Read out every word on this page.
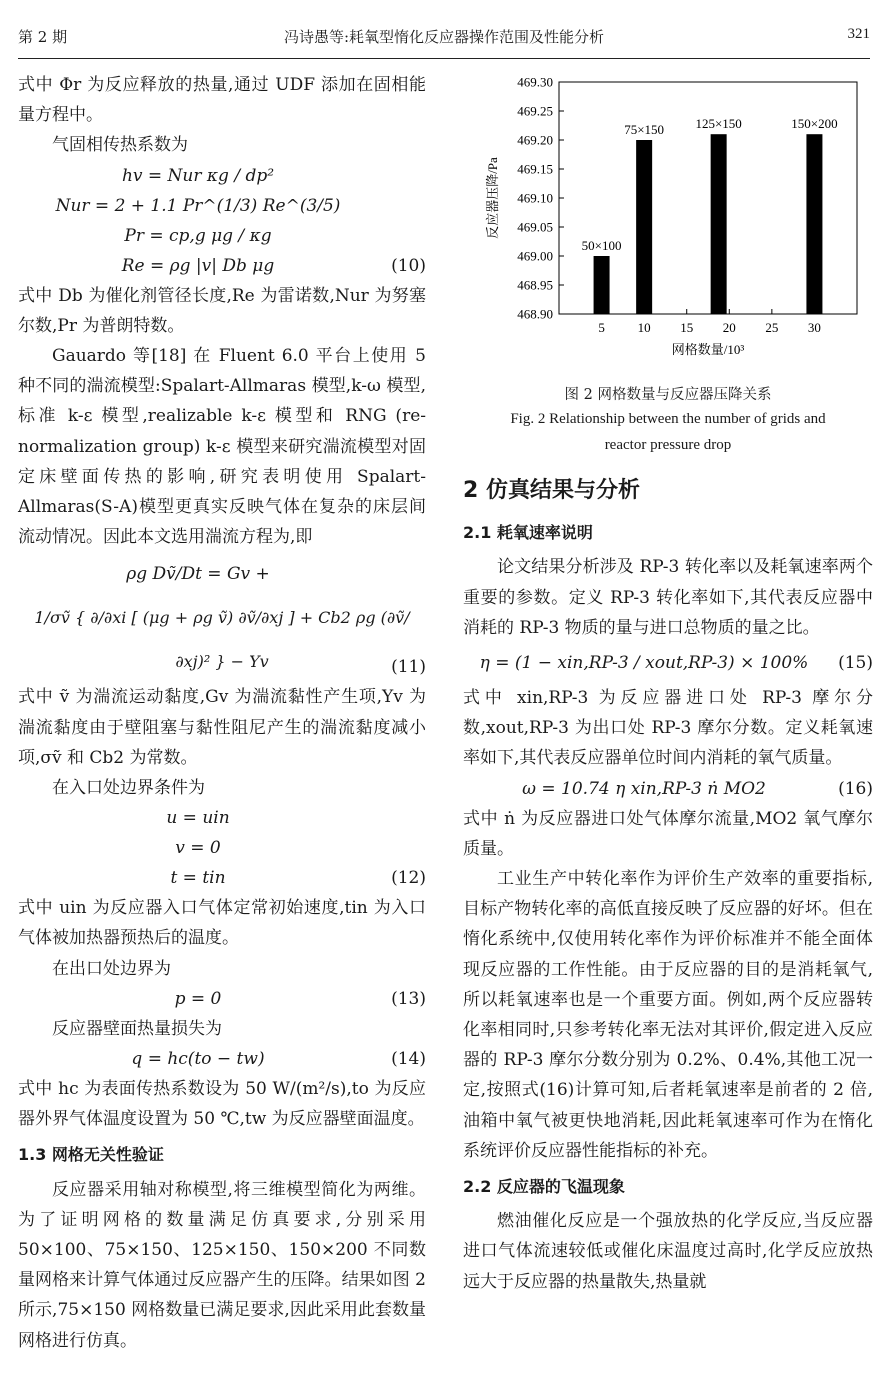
第 2 期	冯诗愚等:耗氧型惰化反应器操作范围及性能分析	321

式中 Φr 为反应释放的热量,通过 UDF 添加在固相能量方程中。

气固相传热系数为

hv = Nur κg / dp²
Nur = 2 + 1.1 Pr^(1/3) Re^(3/5)
Pr = cp,g μg / κg
Re = ρg |v| Db μg	(10)

式中 Db 为催化剂管径长度,Re 为雷诺数,Nur 为努塞尔数,Pr 为普朗特数。

Gauardo 等[18] 在 Fluent 6.0 平台上使用 5 种不同的湍流模型:Spalart-Allmaras 模型,k-ω 模型,标准 k-ε 模型,realizable k-ε 模型和 RNG (re-normalization group) k-ε 模型来研究湍流模型对固定床壁面传热的影响,研究表明使用 Spalart-Allmaras(S-A)模型更真实反映气体在复杂的床层间流动情况。因此本文选用湍流方程为,即

ρg Dṽ/Dt = Gv +
1/σṽ { ∂/∂xi [ (μg + ρg ṽ) ∂ṽ/∂xj ] + Cb2 ρg (∂ṽ/∂xj)² } − Yv	(11)

式中 ṽ 为湍流运动黏度,Gv 为湍流黏性产生项,Yv 为湍流黏度由于壁阻塞与黏性阻尼产生的湍流黏度减小项,σṽ 和 Cb2 为常数。

在入口处边界条件为

u = uin
v = 0
t = tin	(12)

式中 uin 为反应器入口气体定常初始速度,tin 为入口气体被加热器预热后的温度。

在出口处边界为

p = 0	(13)

反应器壁面热量损失为

q = hc(to − tw)	(14)

式中 hc 为表面传热系数设为 50 W/(m²/s),to 为反应器外界气体温度设置为 50 ℃,tw 为反应器壁面温度。

1.3 网格无关性验证

反应器采用轴对称模型,将三维模型简化为两维。为了证明网格的数量满足仿真要求,分别采用 50×100、75×150、125×150、150×200 不同数量网格来计算气体通过反应器产生的压降。结果如图 2 所示,75×150 网格数量已满足要求,因此采用此套数量网格进行仿真。

468.90
468.95
469.00
469.05
469.10
469.15
469.20
469.25
469.30
5	10 15 20 25 30
50×100
75×150 125×150	150×200
网格数量/10³
反应器压降/Pa
图 2 网格数量与反应器压降关系
Fig. 2 Relationship between the number of grids and
reactor pressure drop
2 仿真结果与分析
2.1 耗氧速率说明

论文结果分析涉及 RP-3 转化率以及耗氧速率两个重要的参数。定义 RP-3 转化率如下,其代表反应器中消耗的 RP-3 物质的量与进口总物质的量之比。

η = (1 − xin,RP-3 / xout,RP-3) × 100%	(15)

式中 xin,RP-3 为反应器进口处 RP-3 摩尔分数,xout,RP-3 为出口处 RP-3 摩尔分数。定义耗氧速率如下,其代表反应器单位时间内消耗的氧气质量。

ω = 10.74 η xin,RP-3 ṅ MO2	(16)

式中 ṅ 为反应器进口处气体摩尔流量,MO2 氧气摩尔质量。

工业生产中转化率作为评价生产效率的重要指标,目标产物转化率的高低直接反映了反应器的好坏。但在惰化系统中,仅使用转化率作为评价标准并不能全面体现反应器的工作性能。由于反应器的目的是消耗氧气,所以耗氧速率也是一个重要方面。例如,两个反应器转化率相同时,只参考转化率无法对其评价,假定进入反应器的 RP-3 摩尔分数分别为 0.2%、0.4%,其他工况一定,按照式(16)计算可知,后者耗氧速率是前者的 2 倍,油箱中氧气被更快地消耗,因此耗氧速率可作为在惰化系统评价反应器性能指标的补充。

2.2 反应器的飞温现象

燃油催化反应是一个强放热的化学反应,当反应器进口气体流速较低或催化床温度过高时,化学反应放热远大于反应器的热量散失,热量就
